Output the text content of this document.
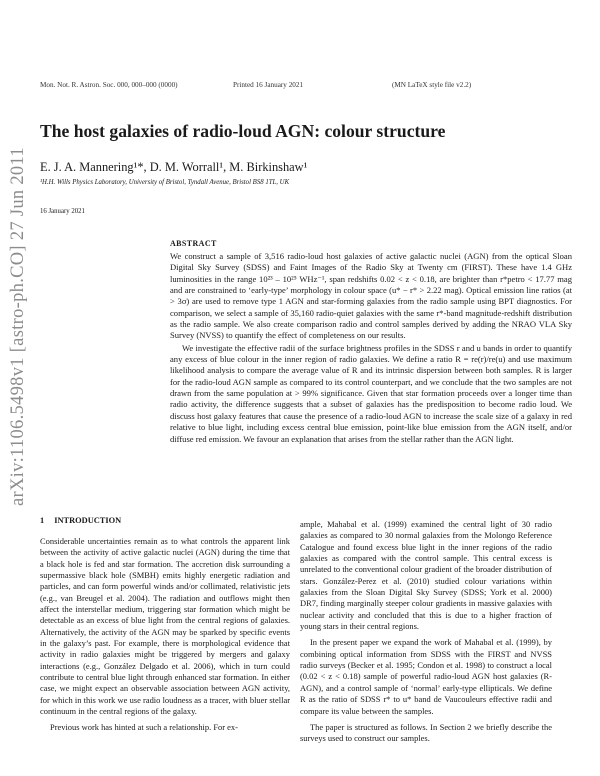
Mon. Not. R. Astron. Soc. 000, 000–000 (0000)	Printed 16 January 2021	(MN LaTeX style file v2.2)
The host galaxies of radio-loud AGN: colour structure
E. J. A. Mannering¹*, D. M. Worrall¹, M. Birkinshaw¹
¹H.H. Wills Physics Laboratory, University of Bristol, Tyndall Avenue, Bristol BS8 1TL, UK
16 January 2021
arXiv:1106.5498v1 [astro-ph.CO] 27 Jun 2011	ABSTRACT

We construct a sample of 3,516 radio-loud host galaxies of active galactic nuclei (AGN) from the optical Sloan Digital Sky Survey (SDSS) and Faint Images of the Radio Sky at Twenty cm (FIRST). These have 1.4 GHz luminosities in the range 10²³ – 10²⁵ WHz⁻¹, span redshifts 0.02 < z < 0.18, are brighter than r*petro < 17.77 mag and are constrained to ‘early-type’ morphology in colour space (u* − r* > 2.22 mag). Optical emission line ratios (at > 3σ) are used to remove type 1 AGN and star-forming galaxies from the radio sample using BPT diagnostics. For comparison, we select a sample of 35,160 radio-quiet galaxies with the same r*-band magnitude-redshift distribution as the radio sample. We also create comparison radio and control samples derived by adding the NRAO VLA Sky Survey (NVSS) to quantify the effect of completeness on our results.

We investigate the effective radii of the surface brightness profiles in the SDSS r and u bands in order to quantify any excess of blue colour in the inner region of radio galaxies. We define a ratio R = re(r)/re(u) and use maximum likelihood analysis to compare the average value of R and its intrinsic dispersion between both samples. R is larger for the radio-loud AGN sample as compared to its control counterpart, and we conclude that the two samples are not drawn from the same population at > 99% significance. Given that star formation proceeds over a longer time than radio activity, the difference suggests that a subset of galaxies has the predisposition to become radio loud. We discuss host galaxy features that cause the presence of a radio-loud AGN to increase the scale size of a galaxy in red relative to blue light, including excess central blue emission, point-like blue emission from the AGN itself, and/or diffuse red emission. We favour an explanation that arises from the stellar rather than the AGN light.

1 INTRODUCTION

Considerable uncertainties remain as to what controls the apparent link between the activity of active galactic nuclei (AGN) during the time that a black hole is fed and star formation. The accretion disk surrounding a supermassive black hole (SMBH) emits highly energetic radiation and particles, and can form powerful winds and/or collimated, relativistic jets (e.g., van Breugel et al. 2004). The radiation and outflows might then affect the interstellar medium, triggering star formation which might be detectable as an excess of blue light from the central regions of galaxies. Alternatively, the activity of the AGN may be sparked by specific events in the galaxy’s past. For example, there is morphological evidence that activity in radio galaxies might be triggered by mergers and galaxy interactions (e.g., González Delgado et al. 2006), which in turn could contribute to central blue light through enhanced star formation. In either case, we might expect an observable association between AGN activity, for which in this work we use radio loudness as a tracer, with bluer stellar continuum in the central regions of the galaxy.

Previous work has hinted at such a relationship. For ex-

ample, Mahabal et al. (1999) examined the central light of 30 radio galaxies as compared to 30 normal galaxies from the Molongo Reference Catalogue and found excess blue light in the inner regions of the radio galaxies as compared with the control sample. This central excess is unrelated to the conventional colour gradient of the broader distribution of stars. González-Perez et al. (2010) studied colour variations within galaxies from the Sloan Digital Sky Survey (SDSS; York et al. 2000) DR7, finding marginally steeper colour gradients in massive galaxies with nuclear activity and concluded that this is due to a higher fraction of young stars in their central regions.

In the present paper we expand the work of Mahabal et al. (1999), by combining optical information from SDSS with the FIRST and NVSS radio surveys (Becker et al. 1995; Condon et al. 1998) to construct a local (0.02 < z < 0.18) sample of powerful radio-loud AGN host galaxies (R-AGN), and a control sample of ‘normal’ early-type ellipticals. We define R as the ratio of SDSS r* to u* band de Vaucouleurs effective radii and compare its value between the samples.

The paper is structured as follows. In Section 2 we briefly describe the surveys used to construct our samples.
